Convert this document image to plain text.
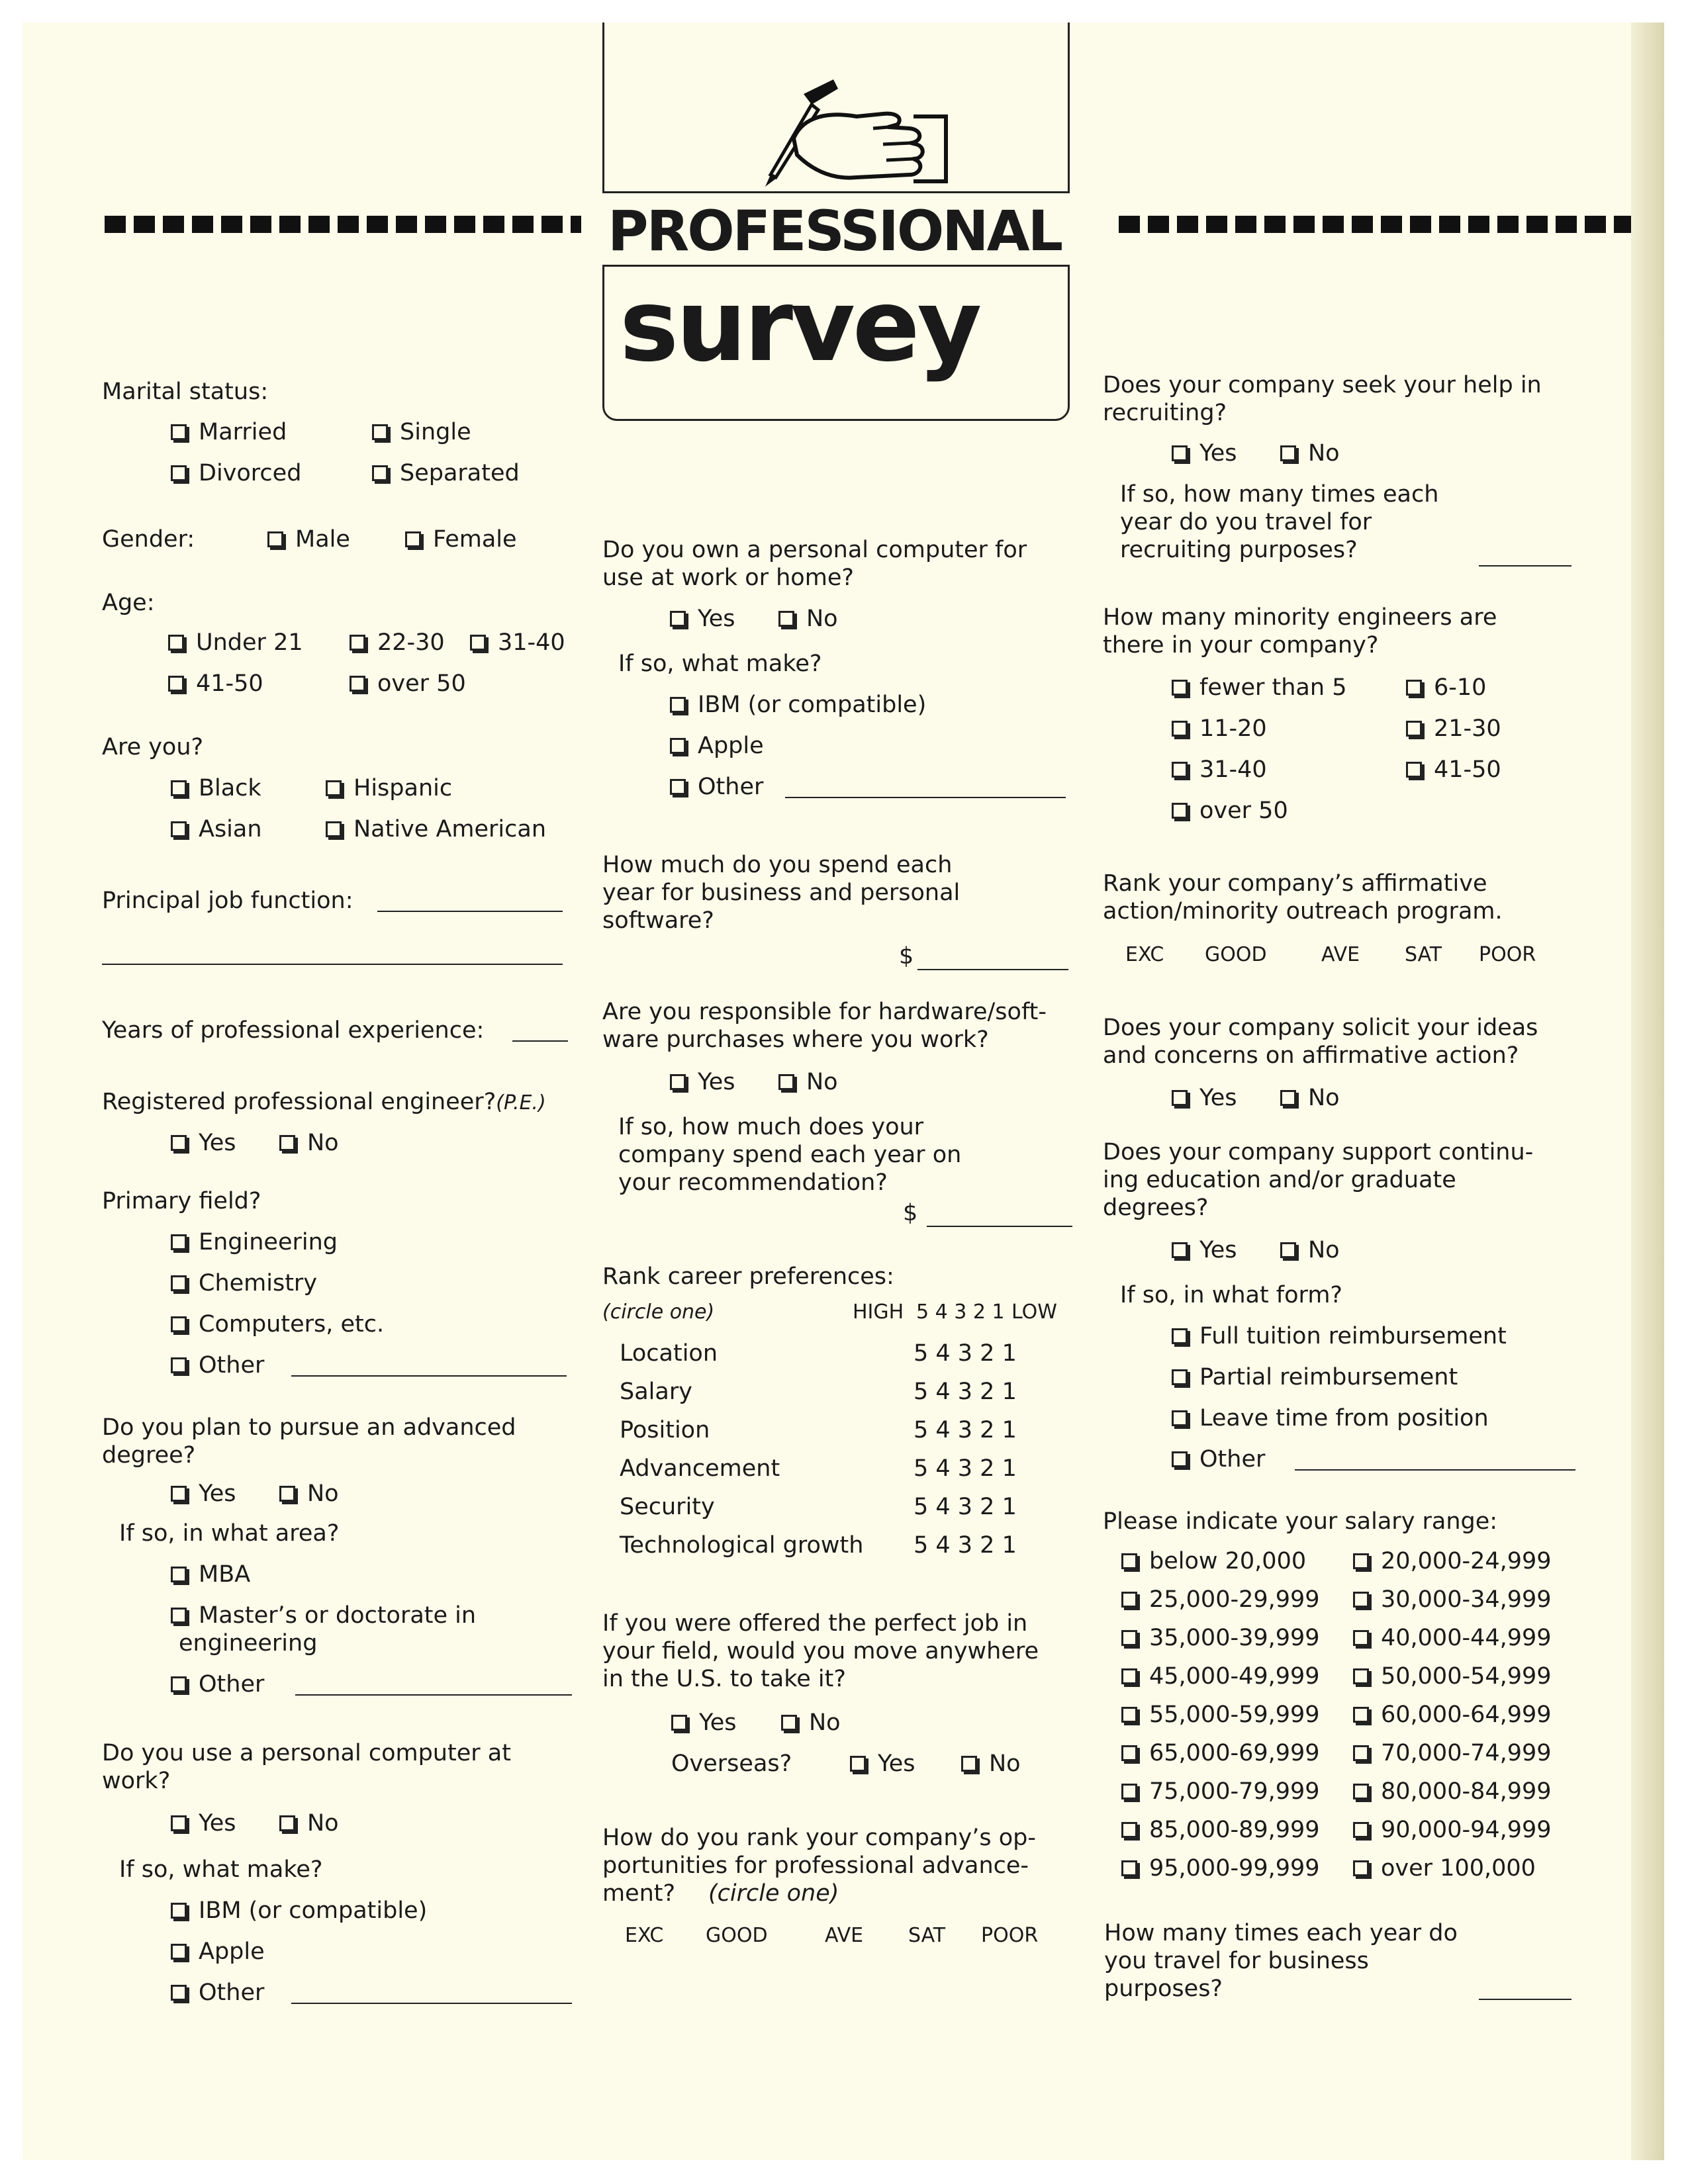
PROFESSIONAL
survey
Marital status:
Married	Single
Divorced	Separated
Gender:	Male	Female
Age:
Under 21	22-30	31-40
41-50	over 50
Are you?
Black	Hispanic
Asian	Native American
Principal job function:
Years of professional experience:
Registered professional engineer?(P.E.)
Yes	No
Primary field?
Engineering
Chemistry
Computers, etc.
Other
Do you plan to pursue an advanced
degree?
Yes	No
If so, in what area?
MBA
Master’s or doctorate in
engineering
Other
Do you use a personal computer at
work?
Yes	No
If so, what make?
IBM (or compatible)
Apple
Other
Do you own a personal computer for
use at work or home?
Yes	No
If so, what make?
IBM (or compatible)
Apple
Other
How much do you spend each
year for business and personal
software?
$
Are you responsible for hardware/soft-
ware purchases where you work?
Yes	No
If so, how much does your
company spend each year on
your recommendation?
$
Rank career preferences:
(circle one)	HIGH 5 4 3 2 1 LOW
Location	5 4 3 2 1
Salary	5 4 3 2 1
Position	5 4 3 2 1
Advancement	5 4 3 2 1
Security	5 4 3 2 1
Technological growth 5 4 3 2 1
If you were offered the perfect job in
your field, would you move anywhere
in the U.S. to take it?
Yes	No
Overseas?	Yes	No
How do you rank your company’s op-
portunities for professional advance-
ment? (circle one)
EXC GOOD	AVE SAT POOR
Does your company seek your help in
recruiting?
Yes	No
If so, how many times each
year do you travel for
recruiting purposes?
How many minority engineers are
there in your company?
fewer than 5	6-10
11-20	21-30
31-40	41-50
over 50
Rank your company’s affirmative
action/minority outreach program.
EXC GOOD	AVE SAT POOR
Does your company solicit your ideas
and concerns on affirmative action?
Yes	No
Does your company support continu-
ing education and/or graduate
degrees?
Yes	No
If so, in what form?
Full tuition reimbursement
Partial reimbursement
Leave time from position
Other
Please indicate your salary range:
below 20,000	20,000-24,999
25,000-29,999	30,000-34,999
35,000-39,999	40,000-44,999
45,000-49,999	50,000-54,999
55,000-59,999	60,000-64,999
65,000-69,999	70,000-74,999
75,000-79,999	80,000-84,999
85,000-89,999	90,000-94,999
95,000-99,999	over 100,000
How many times each year do
you travel for business
purposes?
